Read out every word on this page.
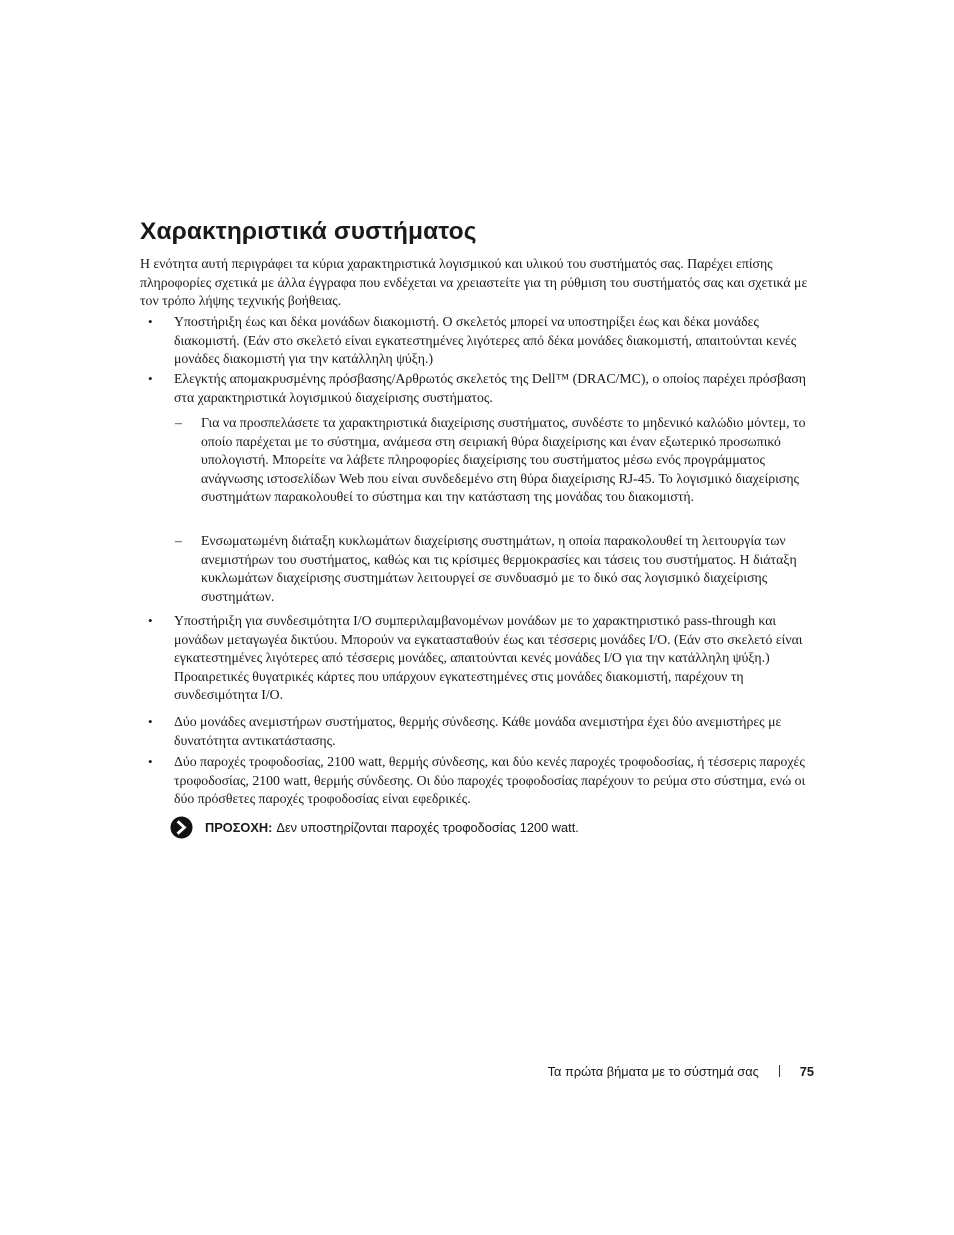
Χαρακτηριστικά συστήματος

Η ενότητα αυτή περιγράφει τα κύρια χαρακτηριστικά λογισμικού και υλικού του συστήματός σας. Παρέχει επίσης πληροφορίες σχετικά με άλλα έγγραφα που ενδέχεται να χρειαστείτε για τη ρύθμιση του συστήματός σας και σχετικά με τον τρόπο λήψης τεχνικής βοήθειας.

• Υποστήριξη έως και δέκα μονάδων διακομιστή. Ο σκελετός μπορεί να υποστηρίξει έως και δέκα μονάδες διακομιστή. (Εάν στο σκελετό είναι εγκατεστημένες λιγότερες από δέκα μονάδες διακομιστή, απαιτούνται κενές μονάδες διακομιστή για την κατάλληλη ψύξη.)

• Ελεγκτής απομακρυσμένης πρόσβασης/Αρθρωτός σκελετός της Dell™ (DRAC/MC), ο οποίος παρέχει πρόσβαση στα χαρακτηριστικά λογισμικού διαχείρισης συστήματος.

– Για να προσπελάσετε τα χαρακτηριστικά διαχείρισης συστήματος, συνδέστε το μηδενικό καλώδιο μόντεμ, το οποίο παρέχεται με το σύστημα, ανάμεσα στη σειριακή θύρα διαχείρισης και έναν εξωτερικό προσωπικό υπολογιστή. Μπορείτε να λάβετε πληροφορίες διαχείρισης του συστήματος μέσω ενός προγράμματος ανάγνωσης ιστοσελίδων Web που είναι συνδεδεμένο στη θύρα διαχείρισης RJ-45. Το λογισμικό διαχείρισης συστημάτων παρακολουθεί το σύστημα και την κατάσταση της μονάδας του διακομιστή.

– Ενσωματωμένη διάταξη κυκλωμάτων διαχείρισης συστημάτων, η οποία παρακολουθεί τη λειτουργία των ανεμιστήρων του συστήματος, καθώς και τις κρίσιμες θερμοκρασίες και τάσεις του συστήματος. Η διάταξη κυκλωμάτων διαχείρισης συστημάτων λειτουργεί σε συνδυασμό με το δικό σας λογισμικό διαχείρισης συστημάτων.

• Υποστήριξη για συνδεσιμότητα I/O συμπεριλαμβανομένων μονάδων με το χαρακτηριστικό pass-through και μονάδων μεταγωγέα δικτύου. Μπορούν να εγκατασταθούν έως και τέσσερις μονάδες I/O. (Εάν στο σκελετό είναι εγκατεστημένες λιγότερες από τέσσερις μονάδες, απαιτούνται κενές μονάδες I/O για την κατάλληλη ψύξη.) Προαιρετικές θυγατρικές κάρτες που υπάρχουν εγκατεστημένες στις μονάδες διακομιστή, παρέχουν τη συνδεσιμότητα I/O.

• Δύο μονάδες ανεμιστήρων συστήματος, θερμής σύνδεσης. Κάθε μονάδα ανεμιστήρα έχει δύο ανεμιστήρες με δυνατότητα αντικατάστασης.

• Δύο παροχές τροφοδοσίας, 2100 watt, θερμής σύνδεσης, και δύο κενές παροχές τροφοδοσίας, ή τέσσερις παροχές τροφοδοσίας, 2100 watt, θερμής σύνδεσης. Οι δύο παροχές τροφοδοσίας παρέχουν το ρεύμα στο σύστημα, ενώ οι δύο πρόσθετες παροχές τροφοδοσίας είναι εφεδρικές.

ΠΡΟΣΟΧΗ: Δεν υποστηρίζονται παροχές τροφοδοσίας 1200 watt.
Τα πρώτα βήματα με το σύστημά σας	75
